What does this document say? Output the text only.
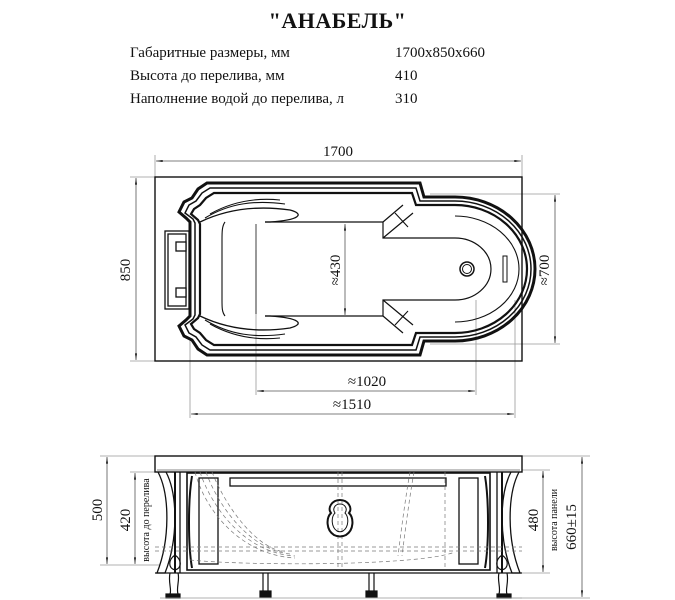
"АНАБЕЛЬ"
Габаритные размеры, мм	1700x850x660
Высота до перелива, мм	410
Наполнение водой до перелива, л	310
1700
850	≈700
≈430
≈1020
≈1510
500 420 высота до перелива	480 высота панели 660±15
